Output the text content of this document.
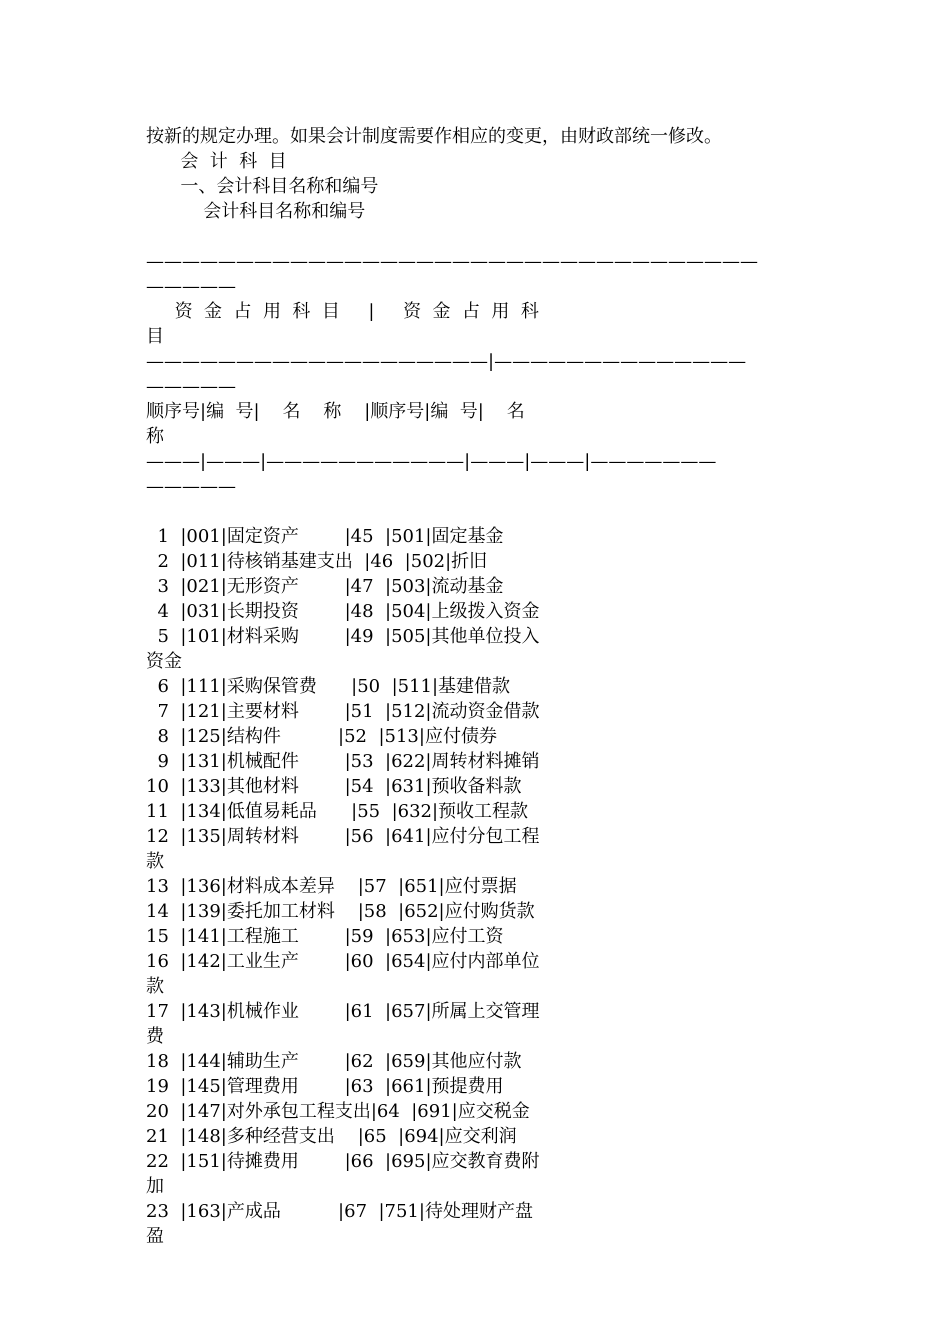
按新的规定办理。如果会计制度需要作相应的变更，由财政部统一修改。
会  计  科  目
一、会计科目名称和编号
会计科目名称和编号
——————————————————————————————————
—————
资  金  占  用  科  目     |     资  金  占  用  科
目
———————————————————|——————————————
—————
顺序号|编  号|    名    称    |顺序号|编  号|    名
称
———|———|———————————|———|———|———————
—————
1  |001|固定资产        |45  |501|固定基金
2  |011|待核销基建支出  |46  |502|折旧
3  |021|无形资产        |47  |503|流动基金
4  |031|长期投资        |48  |504|上级拨入资金
5  |101|材料采购        |49  |505|其他单位投入
资金
6  |111|采购保管费      |50  |511|基建借款
7  |121|主要材料        |51  |512|流动资金借款
8  |125|结构件          |52  |513|应付债券
9  |131|机械配件        |53  |622|周转材料摊销
10  |133|其他材料        |54  |631|预收备料款
11  |134|低值易耗品      |55  |632|预收工程款
12  |135|周转材料        |56  |641|应付分包工程
款
13  |136|材料成本差异    |57  |651|应付票据
14  |139|委托加工材料    |58  |652|应付购货款
15  |141|工程施工        |59  |653|应付工资
16  |142|工业生产        |60  |654|应付内部单位
款
17  |143|机械作业        |61  |657|所属上交管理
费
18  |144|辅助生产        |62  |659|其他应付款
19  |145|管理费用        |63  |661|预提费用
20  |147|对外承包工程支出|64  |691|应交税金
21  |148|多种经营支出    |65  |694|应交利润
22  |151|待摊费用        |66  |695|应交教育费附
加
23  |163|产成品          |67  |751|待处理财产盘
盈
